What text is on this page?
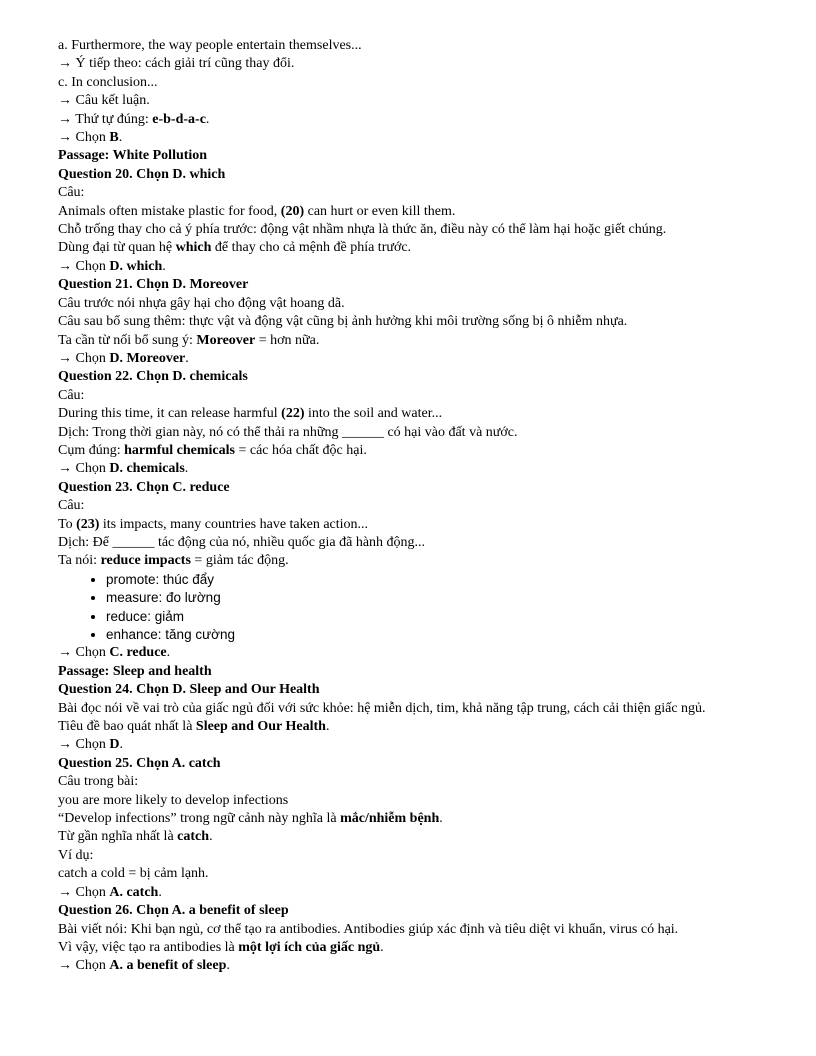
a. Furthermore, the way people entertain themselves...
→ Ý tiếp theo: cách giải trí cũng thay đổi.
c. In conclusion...
→ Câu kết luận.
→ Thứ tự đúng: e-b-d-a-c.
→ Chọn B.
Passage: White Pollution
Question 20. Chọn D. which
Câu:
Animals often mistake plastic for food, (20) can hurt or even kill them.
Chỗ trống thay cho cả ý phía trước: động vật nhầm nhựa là thức ăn, điều này có thể làm hại hoặc giết chúng.
Dùng đại từ quan hệ which để thay cho cả mệnh đề phía trước.
→ Chọn D. which.
Question 21. Chọn D. Moreover
Câu trước nói nhựa gây hại cho động vật hoang dã.
Câu sau bổ sung thêm: thực vật và động vật cũng bị ảnh hưởng khi môi trường sống bị ô nhiễm nhựa.
Ta cần từ nối bổ sung ý: Moreover = hơn nữa.
→ Chọn D. Moreover.
Question 22. Chọn D. chemicals
Câu:
During this time, it can release harmful (22) into the soil and water...
Dịch: Trong thời gian này, nó có thể thải ra những ______ có hại vào đất và nước.
Cụm đúng: harmful chemicals = các hóa chất độc hại.
→ Chọn D. chemicals.
Question 23. Chọn C. reduce
Câu:
To (23) its impacts, many countries have taken action...
Dịch: Để ______ tác động của nó, nhiều quốc gia đã hành động...
Ta nói: reduce impacts = giảm tác động.
• promote: thúc đẩy
• measure: đo lường
• reduce: giảm
• enhance: tăng cường
→ Chọn C. reduce.
Passage: Sleep and health
Question 24. Chọn D. Sleep and Our Health
Bài đọc nói về vai trò của giấc ngủ đối với sức khỏe: hệ miễn dịch, tim, khả năng tập trung, cách cải thiện giấc ngủ.
Tiêu đề bao quát nhất là Sleep and Our Health.
→ Chọn D.
Question 25. Chọn A. catch
Câu trong bài:
you are more likely to develop infections
“Develop infections” trong ngữ cảnh này nghĩa là mắc/nhiễm bệnh.
Từ gần nghĩa nhất là catch.
Ví dụ:
catch a cold = bị cảm lạnh.
→ Chọn A. catch.
Question 26. Chọn A. a benefit of sleep
Bài viết nói: Khi bạn ngủ, cơ thể tạo ra antibodies. Antibodies giúp xác định và tiêu diệt vi khuẩn, virus có hại.
Vì vậy, việc tạo ra antibodies là một lợi ích của giấc ngủ.
→ Chọn A. a benefit of sleep.
